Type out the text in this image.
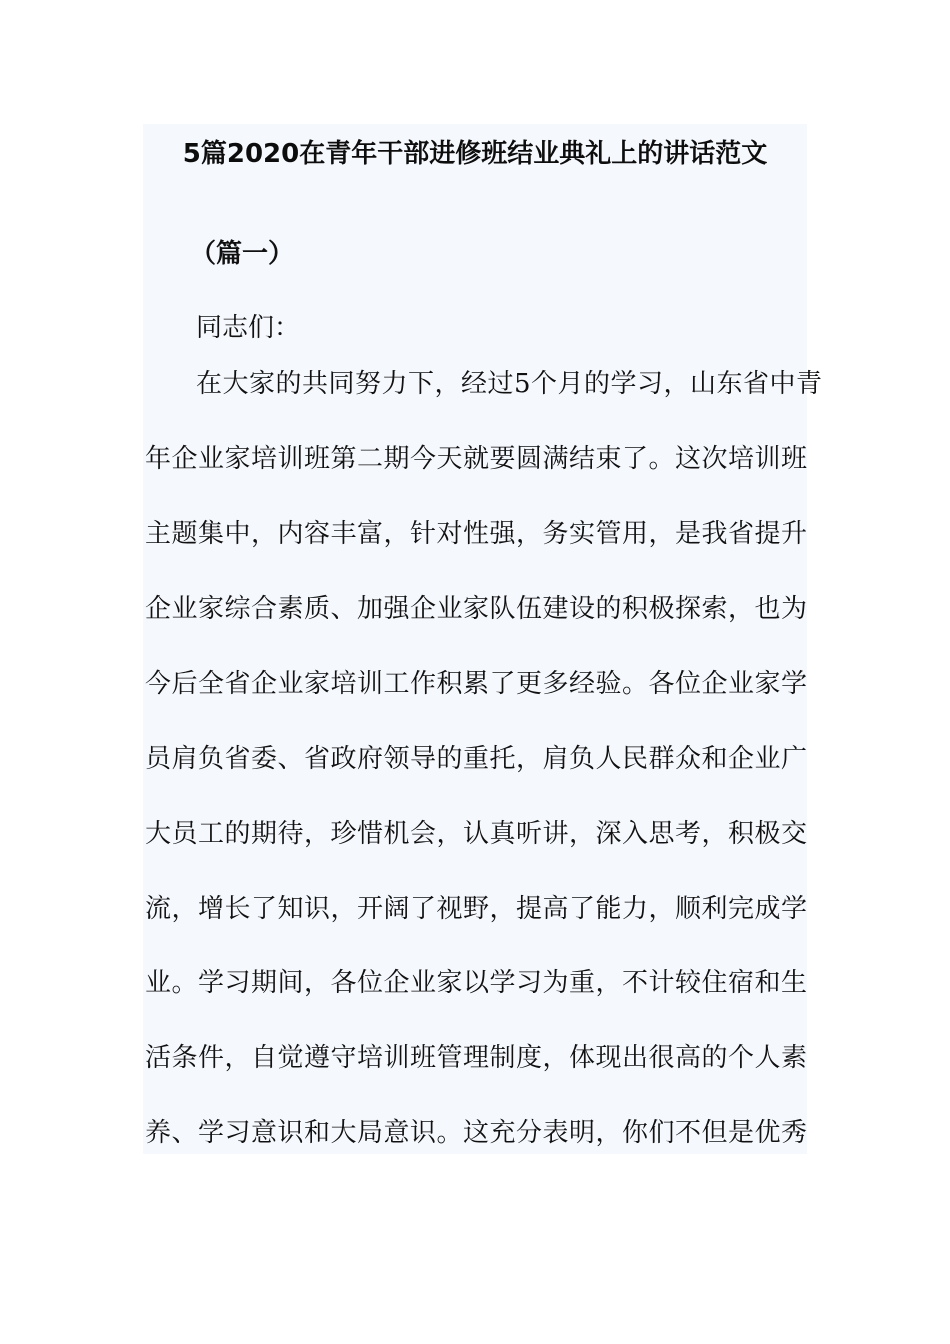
5篇2020在青年干部进修班结业典礼上的讲话范文
（篇一）
同志们：
在大家的共同努力下，经过5个月的学习，山东省中青
年企业家培训班第二期今天就要圆满结束了。这次培训班
主题集中，内容丰富，针对性强，务实管用，是我省提升
企业家综合素质、加强企业家队伍建设的积极探索，也为
今后全省企业家培训工作积累了更多经验。各位企业家学
员肩负省委、省政府领导的重托，肩负人民群众和企业广
大员工的期待，珍惜机会，认真听讲，深入思考，积极交
流，增长了知识，开阔了视野，提高了能力，顺利完成学
业。学习期间，各位企业家以学习为重，不计较住宿和生
活条件，自觉遵守培训班管理制度，体现出很高的个人素
养、学习意识和大局意识。这充分表明，你们不但是优秀
